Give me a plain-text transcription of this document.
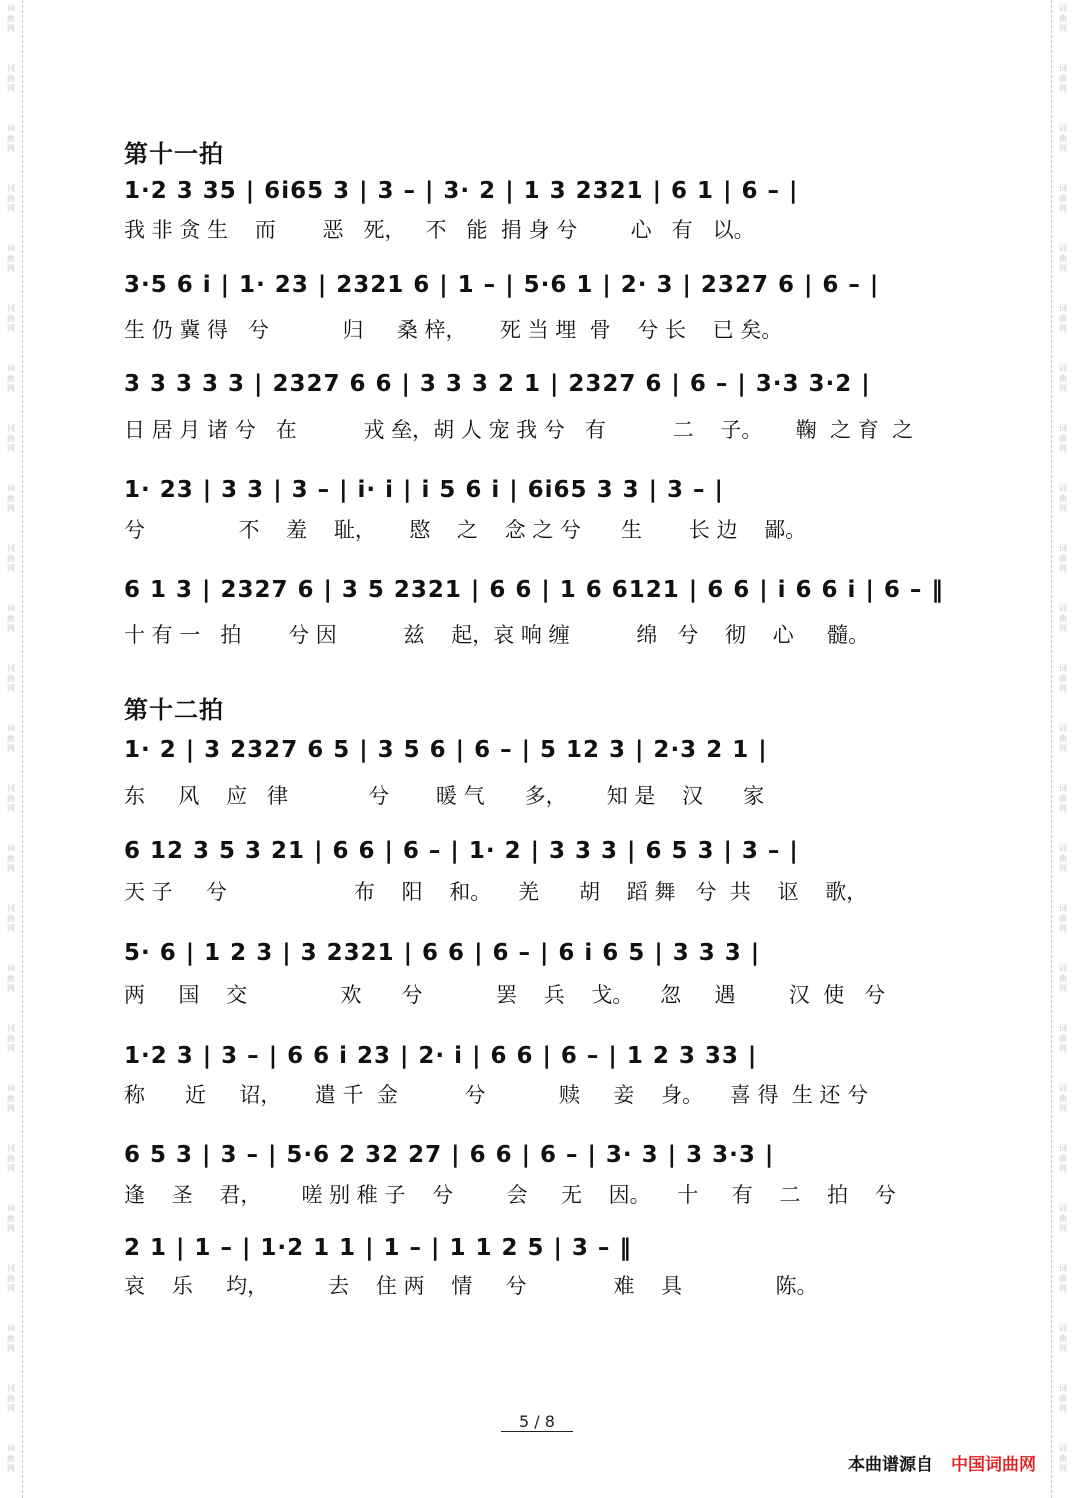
词
曲
网
词
曲
网
词
曲
网
词
曲
网
词
曲
网
词
曲
网
词
曲
网
词
曲
网
词
曲
网
词
曲
网
词
曲
网
词
曲
网
词
曲
网
词
曲
网
词
曲
网
词
曲
网
词
曲
网
词
曲
网
词
曲
网
词
曲
网
词
曲
网
词
曲
网
词
曲
网
词
曲
网
词
曲
网
词
曲
网
词
曲
网
词
曲
网
词
曲
网
词
曲
网
词
曲
网
词
曲
网
词
曲
网
词
曲
网
词
曲
网
词
曲
网
词
曲
网
词
曲
网
词
曲
网
词
曲
网
词
曲
网
词
曲
网
词
曲
网
词
曲
网
词
曲
网
词
曲
网
词
曲
网
词
曲
网
词
曲
网
词
曲
网
第十一拍
1·2 3 35 | 6i65 3 | 3 – | 3· 2 | 1 3 2321 | 6 1 | 6 – |
我 非 贪 生    而       恶   死，   不   能  捐 身 兮        心   有   以。
3·5 6 i | 1· 23 | 2321 6 | 1 – | 5·6 1 | 2· 3 | 2327 6 | 6 – |
生 仍 冀 得   兮           归     桑 梓，     死 当 埋  骨    兮 长    已 矣。
3 3 3 3 3 | 2327 6 6 | 3 3 3 2 1 | 2327 6 | 6 – | 3·3 3·2 |
日 居 月 诸 兮   在          戎 垒，胡 人 宠 我 兮   有          二    子。     鞠  之 育  之
1· 23 | 3 3 | 3 – | i· i | i 5 6 i | 6i65 3 3 | 3 – |
兮              不    羞    耻，     愍    之    念 之 兮      生       长 边    鄙。
6 1 3 | 2327 6 | 3 5 2321 | 6 6 | 1 6 6121 | 6 6 | i 6 6 i | 6 – ‖
十 有 一   拍       兮 因          兹    起，哀 响 缠          绵   兮    彻    心     髓。
第十二拍
1· 2 | 3 2327 6 5 | 3 5 6 | 6 – | 5 12 3 | 2·3 2 1 |
东     风    应   律            兮       暖 气      多，      知 是    汉      家
6 12 3 5 3 21 | 6 6 | 6 – | 1· 2 | 3 3 3 | 6 5 3 | 3 – |
天 子     兮                   布    阳    和。    羌      胡    蹈 舞   兮  共    讴    歌，
5· 6 | 1 2 3 | 3 2321 | 6 6 | 6 – | 6 i 6 5 | 3 3 3 |
两     国    交              欢      兮           罢    兵    戈。    忽     遇        汉  使   兮
1·2 3 | 3 – | 6 6 i 23 | 2· i | 6 6 | 6 – | 1 2 3 33 |
称      近     诏，     遣 千  金          兮           赎     妾    身。    喜 得  生 还 兮
6 5 3 | 3 – | 5·6 2 32 27 | 6 6 | 6 – | 3· 3 | 3 3·3 |
逢    圣    君，      嗟 别 稚 子    兮        会     无    因。    十     有    二    拍    兮
2 1 | 1 – | 1·2 1 1 | 1 – | 1 1 2 5 | 3 – ‖
哀    乐     均，         去    住 两    情     兮             难    具              陈。
5 / 8
本曲谱源自 中国词曲网
